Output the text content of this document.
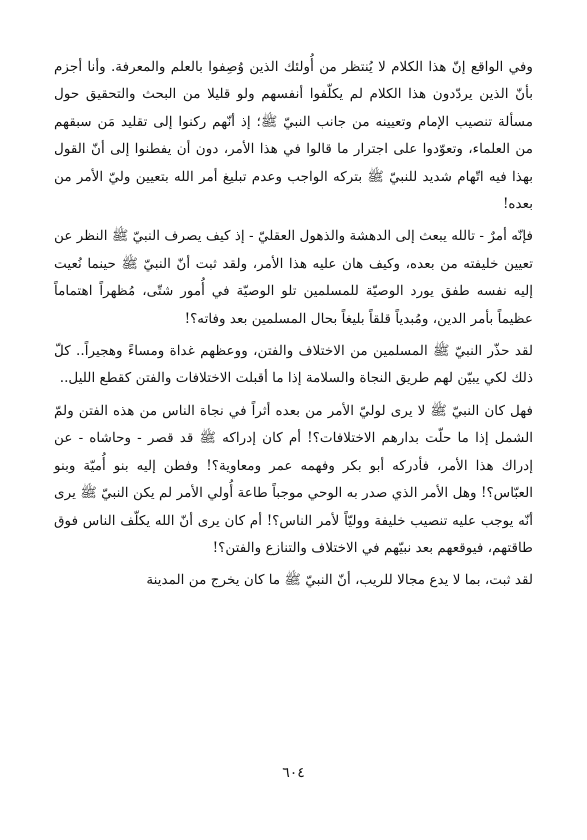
وفي الواقع إنّ هذا الكلام لا يُنتظر من أُولئك الذين وُصِفوا بالعلم والمعرفة. وأنا أجزم بأنّ الذين يردّدون هذا الكلام لم يكلّفوا أنفسهم ولو قليلا من البحث والتحقيق حول مسألة تنصيب الإمام وتعيينه من جانب النبيّ ﷺ؛ إذ أنّهم ركنوا إلى تقليد مَن سبقهم من العلماء، وتعوّدوا على اجترار ما قالوا في هذا الأمر، دون أن يفطنوا إلى أنّ القول بهذا فيه اتّهام شديد للنبيّ ﷺ بتركه الواجب وعدم تبليغ أمر الله بتعيين وليّ الأمر من بعده!

فإنّه أمرٌ - تالله يبعث إلى الدهشة والذهول العقليّ - إذ كيف يصرف النبيّ ﷺ النظر عن تعيين خليفته من بعده، وكيف هان عليه هذا الأمر، ولقد ثبت أنّ النبيّ ﷺ حينما نُعيت إليه نفسه طفق يورد الوصيّة للمسلمين تلو الوصيّة في أُمور شتّى، مُظهراً اهتماماً عظيماً بأمر الدين، ومُبدياً قلقاً بليغاً بحال المسلمين بعد وفاته؟!

لقد حذّر النبيّ ﷺ المسلمين من الاختلاف والفتن، ووعظهم غداة ومساءً وهجيراً.. كلّ ذلك لكي يبيّن لهم طريق النجاة والسلامة إذا ما أقبلت الاختلافات والفتن كقطع الليل..

فهل كان النبيّ ﷺ لا يرى لوليّ الأمر من بعده أثراً في نجاة الناس من هذه الفتن ولمّ الشمل إذا ما حلّت بدارهم الاختلافات؟! أم كان إدراكه ﷺ قد قصر - وحاشاه - عن إدراك هذا الأمر، فأدركه أبو بكر وفهمه عمر ومعاوية؟! وفطن إليه بنو أُميّة وبنو العبّاس؟! وهل الأمر الذي صدر به الوحي موجباً طاعة أُولي الأمر لم يكن النبيّ ﷺ يرى أنّه يوجب عليه تنصيب خليفة ووليّاً لأمر الناس؟! أم كان يرى أنّ الله يكلّف الناس فوق طاقتهم، فيوقعهم بعد نبيّهم في الاختلاف والتنازع والفتن؟!

لقد ثبت، بما لا يدع مجالا للريب، أنّ النبيّ ﷺ ما كان يخرج من المدينة

٦٠٤
